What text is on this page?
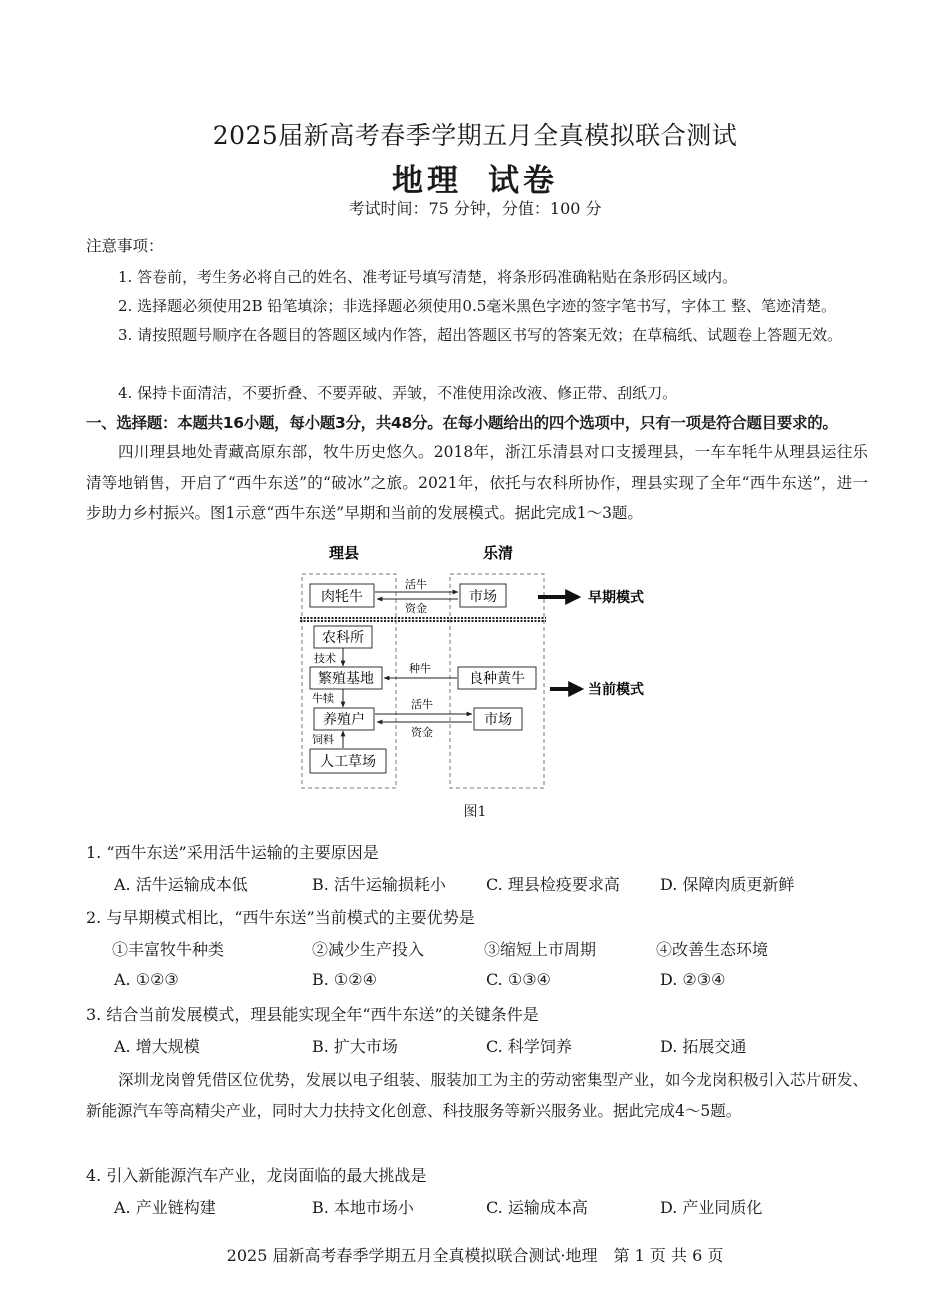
2025届新高考春季学期五月全真模拟联合测试
地理 试卷
考试时间：75 分钟，分值：100 分
注意事项：
1. 答卷前，考生务必将自己的姓名、准考证号填写清楚，将条形码准确粘贴在条形码区域内。
2. 选择题必须使用2B 铅笔填涂；非选择题必须使用0.5毫米黑色字迹的签字笔书写，字体工 整、笔迹清楚。
3. 请按照题号顺序在各题目的答题区域内作答，超出答题区书写的答案无效；在草稿纸、试题卷上答题无效。
4. 保持卡面清洁，不要折叠、不要弄破、弄皱，不准使用涂改液、修正带、刮纸刀。
一、选择题：本题共16小题，每小题3分，共48分。在每小题给出的四个选项中，只有一项是符合题目要求的。
四川理县地处青藏高原东部，牧牛历史悠久。2018年，浙江乐清县对口支援理县，一车车牦牛从理县运往乐清等地销售，开启了“西牛东送”的“破冰”之旅。2021年，依托与农科所协作，理县实现了全年“西牛东送”，进一步助力乡村振兴。图1示意“西牛东送”早期和当前的发展模式。据此完成1～3题。
理县	乐清
肉牦牛	市场
活牛
资金
农科所
技术
繁殖基地	良种黄牛
种牛
牛犊
养殖户	市场
活牛
资金
饲料
人工草场
早期模式
当前模式
图1
1. “西牛东送”采用活牛运输的主要原因是
A. 活牛运输成本低	B. 活牛运输损耗小	C. 理县检疫要求高	D. 保障肉质更新鲜
2. 与早期模式相比，“西牛东送”当前模式的主要优势是
①丰富牧牛种类	②减少生产投入	③缩短上市周期	④改善生态环境
A. ①②③	B. ①②④	C. ①③④	D. ②③④
3. 结合当前发展模式，理县能实现全年“西牛东送”的关键条件是
A. 增大规模	B. 扩大市场	C. 科学饲养	D. 拓展交通
深圳龙岗曾凭借区位优势，发展以电子组装、服装加工为主的劳动密集型产业，如今龙岗积极引入芯片研发、新能源汽车等高精尖产业，同时大力扶持文化创意、科技服务等新兴服务业。据此完成4～5题。
4. 引入新能源汽车产业，龙岗面临的最大挑战是
A. 产业链构建	B. 本地市场小	C. 运输成本高	D. 产业同质化
2025 届新高考春季学期五月全真模拟联合测试·地理　第 1 页 共 6 页
